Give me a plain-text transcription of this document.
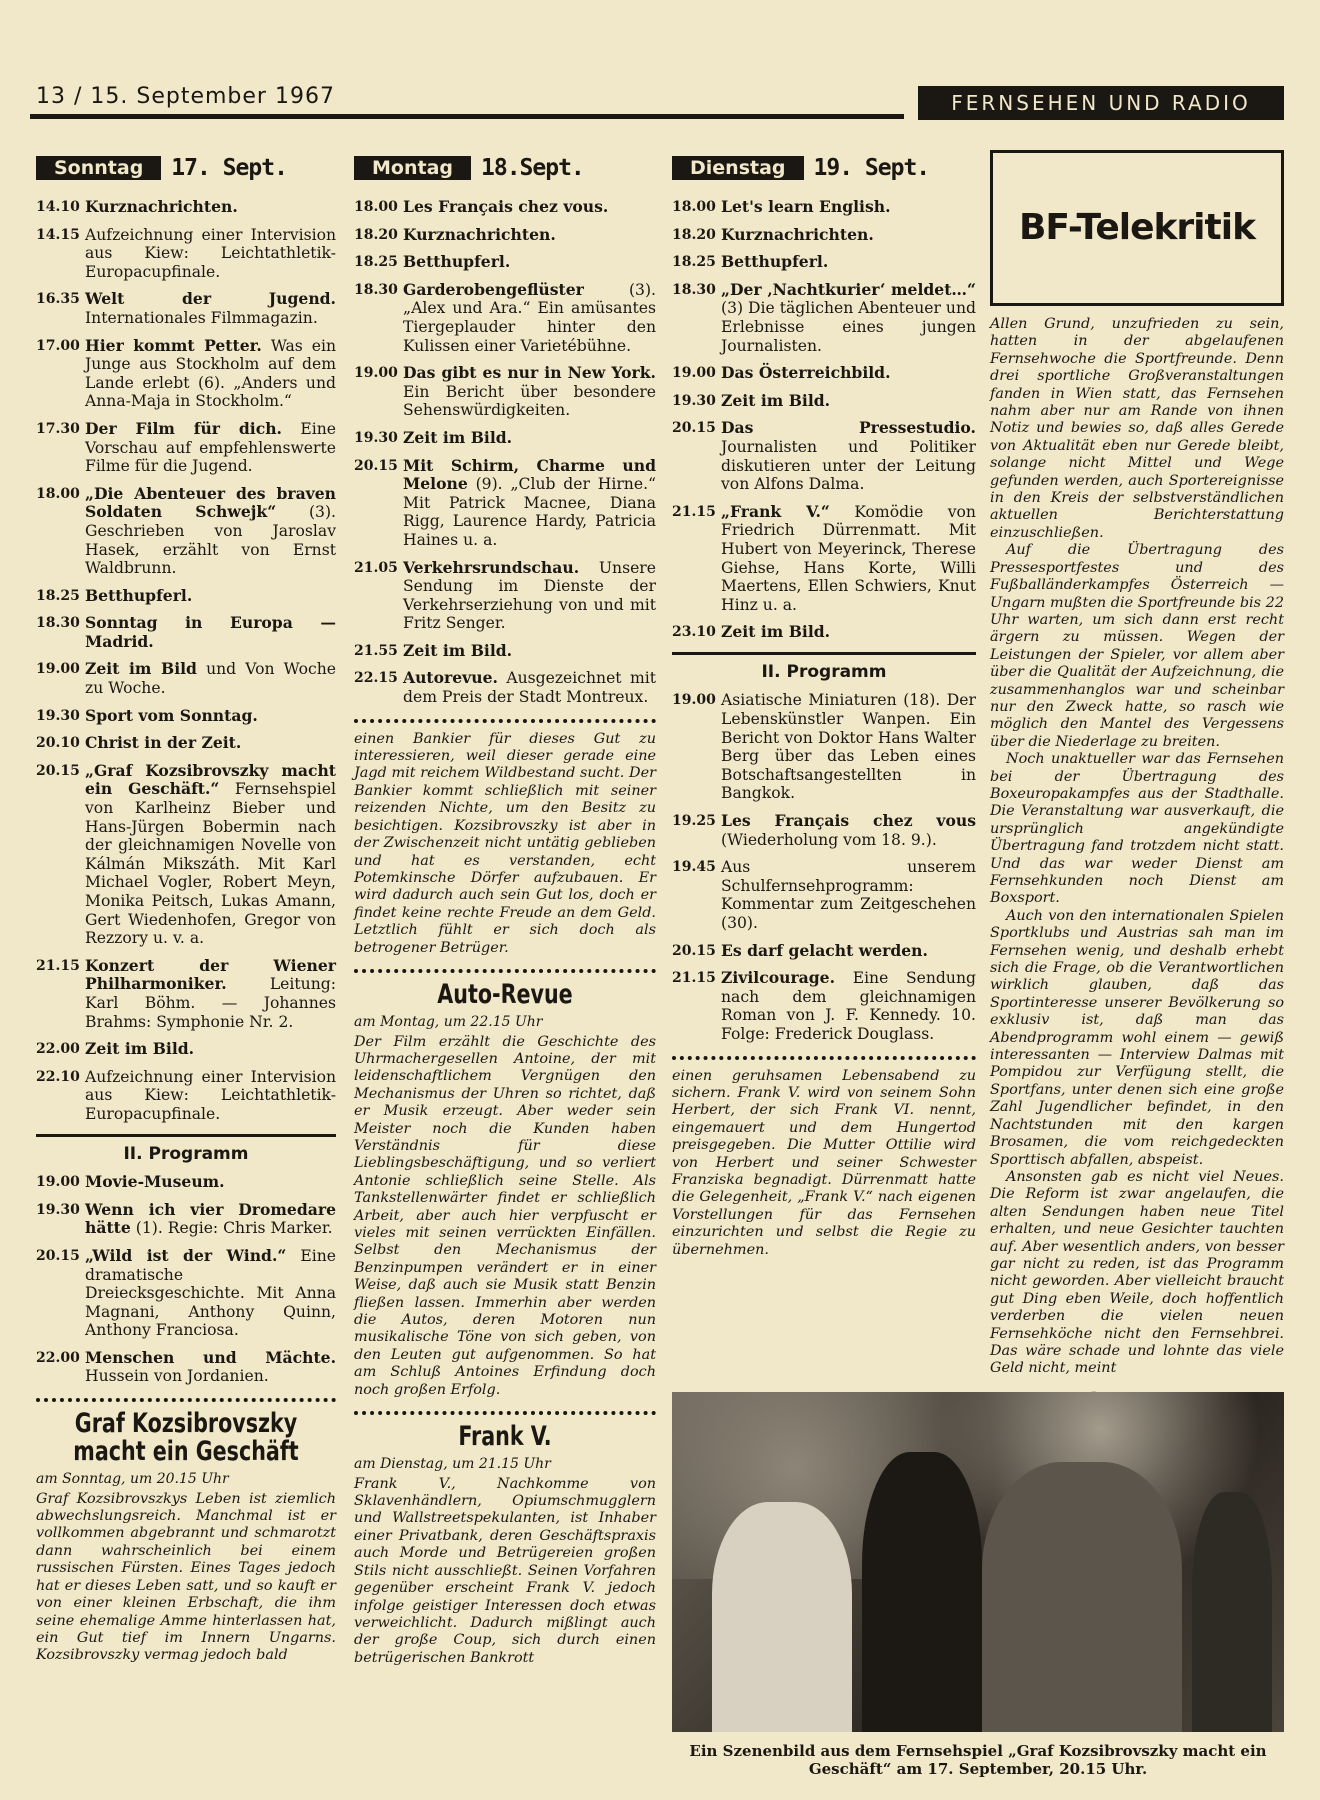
13 / 15. September 1967	FERNSEHEN UND RADIO
Sonntag	17. Sept.
14.10 Kurznachrichten.
14.15 Aufzeichnung einer Intervision aus Kiew: Leichtathletik-Europacupfinale.
16.35 Welt der Jugend. Internationales Filmmagazin.
17.00 Hier kommt Petter. Was ein Junge aus Stockholm auf dem Lande erlebt (6). „Anders und Anna-Maja in Stockholm.“
17.30 Der Film für dich. Eine Vorschau auf empfehlenswerte Filme für die Jugend.
18.00 „Die Abenteuer des braven Soldaten Schwejk“ (3). Geschrieben von Jaroslav Hasek, erzählt von Ernst Waldbrunn.
18.25 Betthupferl.
18.30 Sonntag in Europa — Madrid.
19.00 Zeit im Bild und Von Woche zu Woche.
19.30 Sport vom Sonntag.
20.10 Christ in der Zeit.
20.15 „Graf Kozsibrovszky macht ein Geschäft.“ Fernsehspiel von Karlheinz Bieber und Hans-Jürgen Bobermin nach der gleichnamigen Novelle von Kálmán Mikszáth. Mit Karl Michael Vogler, Robert Meyn, Monika Peitsch, Lukas Amann, Gert Wiedenhofen, Gregor von Rezzory u. v. a.
21.15 Konzert der Wiener Philharmoniker.	Leitung: Karl Böhm. — Johannes Brahms: Symphonie Nr. 2.
22.00 Zeit im Bild.
22.10 Aufzeichnung einer Intervision aus Kiew: Leichtathletik-Europacupfinale.
II. Programm
19.00 Movie-Museum.
19.30 Wenn ich vier Dromedare hätte (1). Regie: Chris Marker.
20.15 „Wild ist der Wind.“ Eine dramatische Dreiecksgeschichte. Mit Anna Magnani, Anthony Quinn, Anthony Franciosa.
22.00 Menschen und Mächte. Hussein von Jordanien.
Graf Kozsibrovszky macht ein Geschäft
am Sonntag, um 20.15 Uhr
Graf Kozsibrovszkys Leben ist ziemlich abwechslungsreich. Manchmal ist er vollkommen abgebrannt und schmarotzt dann wahrscheinlich bei einem russischen Fürsten. Eines Tages jedoch hat er dieses Leben satt, und so kauft er von einer kleinen Erbschaft, die ihm seine ehemalige Amme hinterlassen hat, ein Gut tief im Innern Ungarns. Kozsibrovszky vermag jedoch bald
Montag	18.Sept.
18.00 Les Français chez vous.
18.20 Kurznachrichten.
18.25 Betthupferl.
18.30 Garderobengeflüster	(3). „Alex und Ara.“ Ein amüsantes Tiergeplauder hinter den Kulissen einer Varietébühne.
19.00 Das gibt es nur in New York. Ein Bericht über besondere Sehenswürdigkeiten.
19.30 Zeit im Bild.
20.15 Mit Schirm, Charme und Melone (9). „Club der Hirne.“ Mit Patrick Macnee, Diana Rigg, Laurence Hardy, Patricia Haines u. a.
21.05 Verkehrsrundschau. Unsere Sendung im Dienste der Verkehrserziehung von und mit Fritz Senger.
21.55 Zeit im Bild.
22.15 Autorevue. Ausgezeichnet mit dem Preis der Stadt Montreux.
einen Bankier für dieses Gut zu interessieren, weil dieser gerade eine Jagd mit reichem Wildbestand sucht. Der Bankier kommt schließlich mit seiner reizenden Nichte, um den Besitz zu besichtigen. Kozsibrovszky ist aber in der Zwischenzeit nicht untätig geblieben und hat es verstanden, echt Potemkinsche Dörfer aufzubauen. Er wird dadurch auch sein Gut los, doch er findet keine rechte Freude an dem Geld. Letztlich fühlt er sich doch als betrogener Betrüger.
Auto-Revue
am Montag, um 22.15 Uhr
Der Film erzählt die Geschichte des Uhrmachergesellen Antoine, der mit leidenschaftlichem Vergnügen den Mechanismus der Uhren so richtet, daß er Musik erzeugt. Aber weder sein Meister noch die Kunden haben Verständnis für diese Lieblingsbeschäftigung, und so verliert Antonie schließlich seine Stelle. Als Tankstellenwärter findet er schließlich Arbeit, aber auch hier verpfuscht er vieles mit seinen verrückten Einfällen. Selbst den Mechanismus der Benzinpumpen verändert er in einer Weise, daß auch sie Musik statt Benzin fließen lassen. Immerhin aber werden die Autos, deren Motoren nun musikalische Töne von sich geben, von den Leuten gut aufgenommen. So hat am Schluß Antoines Erfindung doch noch großen Erfolg.
Frank V.
am Dienstag, um 21.15 Uhr
Frank V., Nachkomme von Sklavenhändlern, Opiumschmugglern und Wallstreetspekulanten, ist Inhaber einer Privatbank, deren Geschäftspraxis auch Morde und Betrügereien großen Stils nicht ausschließt. Seinen Vorfahren gegenüber erscheint Frank V. jedoch infolge geistiger Interessen doch etwas verweichlicht. Dadurch mißlingt auch der große Coup, sich durch einen betrügerischen Bankrott
Dienstag	19. Sept.
18.00 Let's learn English.
18.20 Kurznachrichten.
18.25 Betthupferl.
18.30 „Der ‚Nachtkurier‘ meldet…“ (3) Die täglichen Abenteuer und Erlebnisse eines jungen Journalisten.
19.00 Das Österreichbild.
19.30 Zeit im Bild.
20.15 Das Pressestudio. Journalisten und Politiker diskutieren unter der Leitung von Alfons Dalma.
21.15 „Frank V.“ Komödie von Friedrich Dürrenmatt. Mit Hubert von Meyerinck, Therese Giehse, Hans Korte, Willi Maertens, Ellen Schwiers, Knut Hinz u. a.
23.10 Zeit im Bild.
II. Programm
19.00 Asiatische Miniaturen (18). Der Lebenskünstler Wanpen. Ein Bericht von Doktor Hans Walter Berg über das Leben eines Botschaftsangestellten in Bangkok.
19.25 Les Français chez vous (Wiederholung vom 18. 9.).
19.45 Aus unserem Schulfernsehprogramm: Kommentar zum Zeitgeschehen (30).
20.15 Es darf gelacht werden.
21.15 Zivilcourage. Eine Sendung nach dem gleichnamigen Roman von J. F. Kennedy. 10. Folge: Frederick Douglass.
einen geruhsamen Lebensabend zu sichern. Frank V. wird von seinem Sohn Herbert, der sich Frank VI. nennt, eingemauert und dem Hungertod preisgegeben. Die Mutter Ottilie wird von Herbert und seiner Schwester Franziska begnadigt. Dürrenmatt hatte die Gelegenheit, „Frank V.“ nach eigenen Vorstellungen für das Fernsehen einzurichten und selbst die Regie zu übernehmen.
BF-Telekritik
Allen Grund, unzufrieden zu sein, hatten in der abgelaufenen Fernsehwoche die Sportfreunde. Denn drei sportliche Großveranstaltungen fanden in Wien statt, das Fernsehen nahm aber nur am Rande von ihnen Notiz und bewies so, daß alles Gerede von Aktualität eben nur Gerede bleibt, solange nicht Mittel und Wege gefunden werden, auch Sportereignisse in den Kreis der selbstverständlichen aktuellen Berichterstattung einzuschließen.
Auf die Übertragung des Pressesportfestes und des Fußballänderkampfes Österreich — Ungarn mußten die Sportfreunde bis 22 Uhr warten, um sich dann erst recht ärgern zu müssen. Wegen der Leistungen der Spieler, vor allem aber über die Qualität der Aufzeichnung, die zusammenhanglos war und scheinbar nur den Zweck hatte, so rasch wie möglich den Mantel des Vergessens über die Niederlage zu breiten.
Noch unaktueller war das Fernsehen bei der Übertragung des Boxeuropakampfes aus der Stadthalle. Die Veranstaltung war ausverkauft, die ursprünglich angekündigte Übertragung fand trotzdem nicht statt. Und das war weder Dienst am Fernsehkunden noch Dienst am Boxsport.
Auch von den internationalen Spielen Sportklubs und Austrias sah man im Fernsehen wenig, und deshalb erhebt sich die Frage, ob die Verantwortlichen wirklich glauben, daß das Sportinteresse unserer Bevölkerung so exklusiv ist, daß man das Abendprogramm wohl einem — gewiß interessanten — Interview Dalmas mit Pompidou zur Verfügung stellt, die Sportfans, unter denen sich eine große Zahl Jugendlicher befindet, in den Nachtstunden mit den kargen Brosamen, die vom reichgedeckten Sporttisch abfallen, abspeist.
Ansonsten gab es nicht viel Neues. Die Reform ist zwar angelaufen, die alten Sendungen haben neue Titel erhalten, und neue Gesichter tauchten auf. Aber wesentlich anders, von besser gar nicht zu reden, ist das Programm nicht geworden. Aber vielleicht braucht gut Ding eben Weile, doch hoffentlich verderben die vielen neuen Fernsehköche nicht den Fernsehbrei. Das wäre schade und lohnte das viele Geld nicht, meint
Ein Szenenbild aus dem Fernsehspiel „Graf Kozsibrovszky macht ein Geschäft“ am 17. September, 20.15 Uhr.
